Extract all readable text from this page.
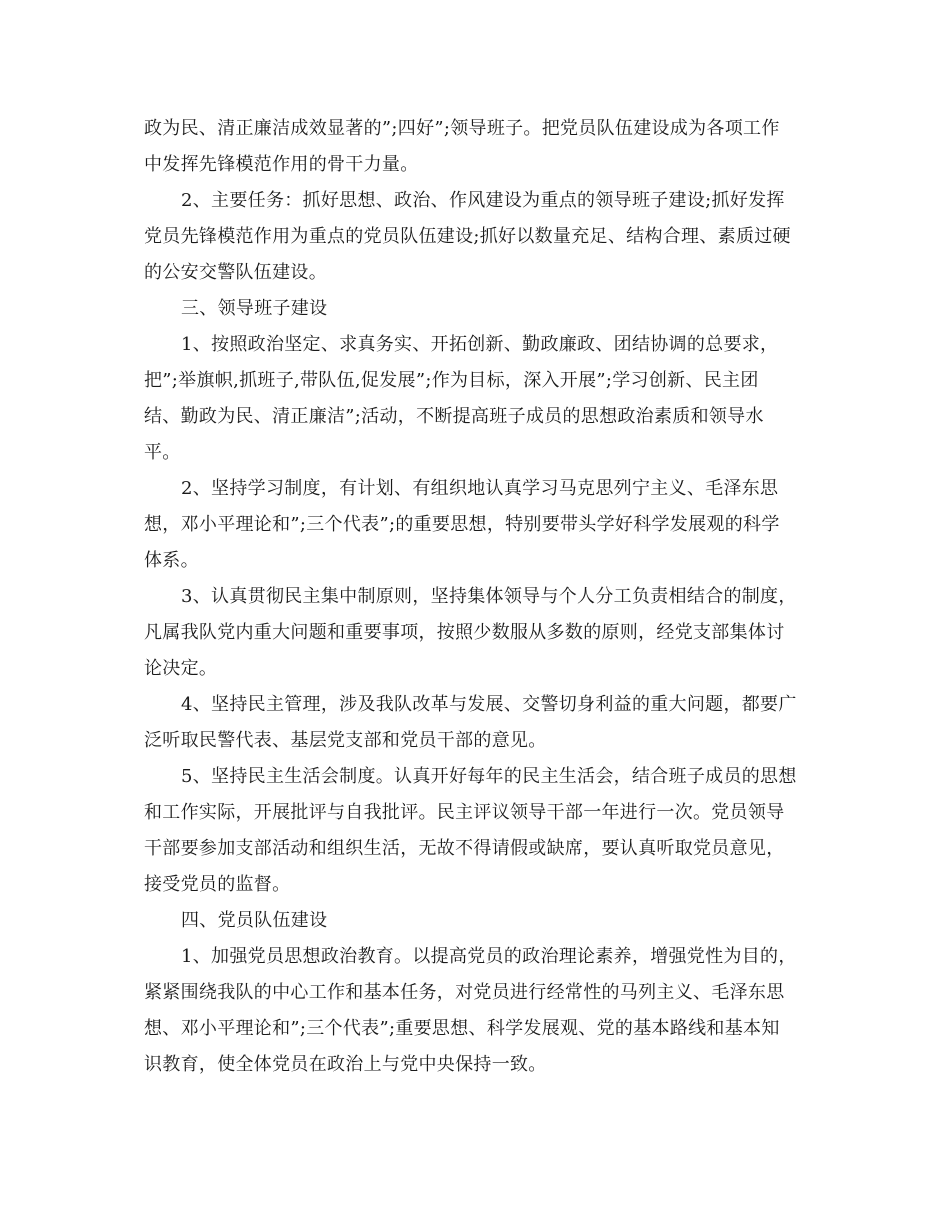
政为民、清正廉洁成效显著的”;四好”;领导班子。把党员队伍建设成为各项工作
中发挥先锋模范作用的骨干力量。
2、主要任务：抓好思想、政治、作风建设为重点的领导班子建设;抓好发挥
党员先锋模范作用为重点的党员队伍建设;抓好以数量充足、结构合理、素质过硬
的公安交警队伍建设。
三、领导班子建设
1、按照政治坚定、求真务实、开拓创新、勤政廉政、团结协调的总要求，
把”;举旗帜,抓班子,带队伍,促发展”;作为目标，深入开展”;学习创新、民主团
结、勤政为民、清正廉洁”;活动，不断提高班子成员的思想政治素质和领导水
平。
2、坚持学习制度，有计划、有组织地认真学习马克思列宁主义、毛泽东思
想，邓小平理论和”;三个代表”;的重要思想，特别要带头学好科学发展观的科学
体系。
3、认真贯彻民主集中制原则，坚持集体领导与个人分工负责相结合的制度，
凡属我队党内重大问题和重要事项，按照少数服从多数的原则，经党支部集体讨
论决定。
4、坚持民主管理，涉及我队改革与发展、交警切身利益的重大问题，都要广
泛听取民警代表、基层党支部和党员干部的意见。
5、坚持民主生活会制度。认真开好每年的民主生活会，结合班子成员的思想
和工作实际，开展批评与自我批评。民主评议领导干部一年进行一次。党员领导
干部要参加支部活动和组织生活，无故不得请假或缺席，要认真听取党员意见，
接受党员的监督。
四、党员队伍建设
1、加强党员思想政治教育。以提高党员的政治理论素养，增强党性为目的，
紧紧围绕我队的中心工作和基本任务，对党员进行经常性的马列主义、毛泽东思
想、邓小平理论和”;三个代表”;重要思想、科学发展观、党的基本路线和基本知
识教育，使全体党员在政治上与党中央保持一致。
